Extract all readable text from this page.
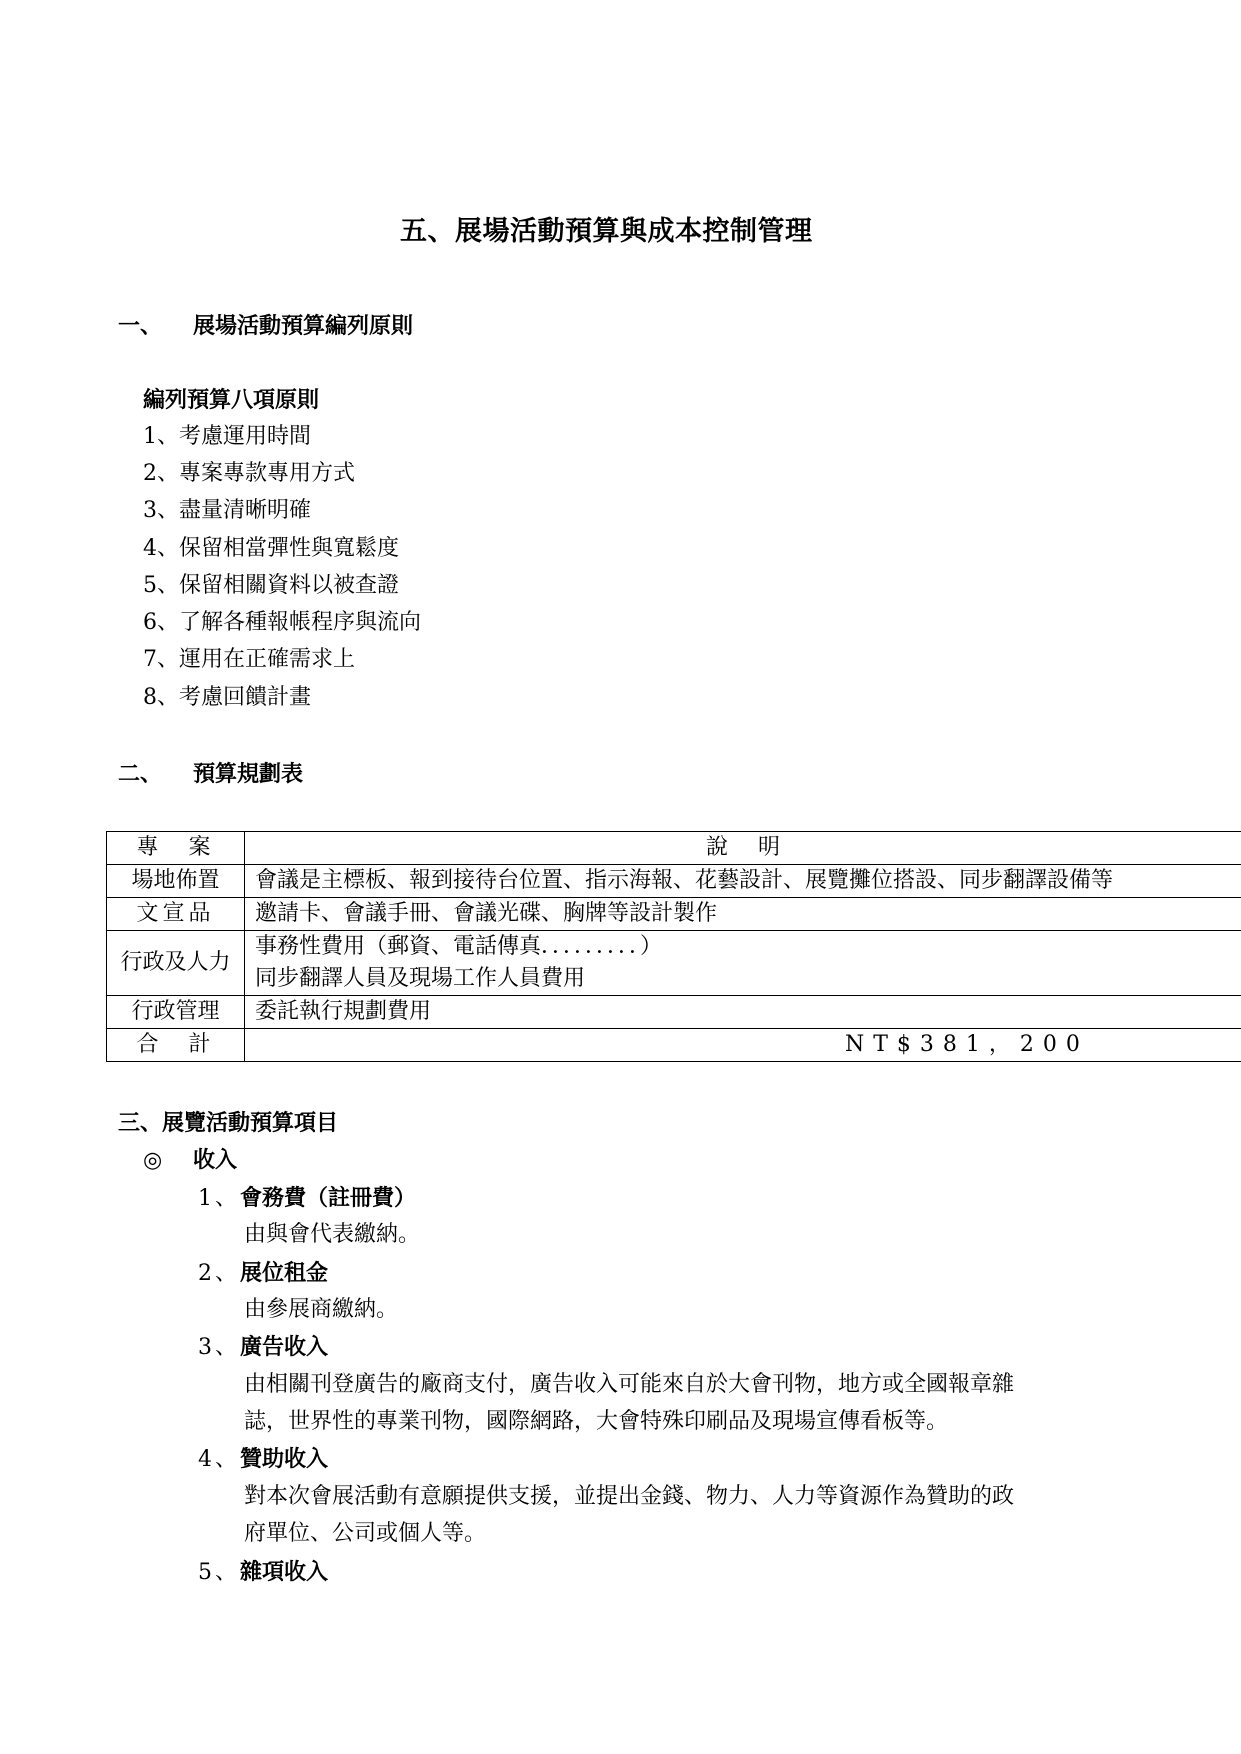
五、展場活動預算與成本控制管理
一、 展場活動預算編列原則
編列預算八項原則
1、考慮運用時間
2、專案專款專用方式
3、盡量清晰明確
4、保留相當彈性與寬鬆度
5、保留相關資料以被查證
6、了解各種報帳程序與流向
7、運用在正確需求上
8、考慮回饋計畫
二、 預算規劃表
專　案	說　明
場地佈置	會議是主標板、報到接待台位置、指示海報、花藝設計、展覽攤位搭設、同步翻譯設備等
文宣品	邀請卡、會議手冊、會議光碟、胸牌等設計製作
行政及人力	事務性費用（郵資、電話傳真．．．．．．．．．）
同步翻譯人員及現場工作人員費用

行政管理	委託執行規劃費用
合　計	NT$381，200
三、展覽活動預算項目
◎ 收入
1、會務費（註冊費）
由與會代表繳納。
2、展位租金
由參展商繳納。
3、廣告收入
由相關刊登廣告的廠商支付，廣告收入可能來自於大會刊物，地方或全國報章雜
誌，世界性的專業刊物，國際網路，大會特殊印刷品及現場宣傳看板等。
4、贊助收入
對本次會展活動有意願提供支援，並提出金錢、物力、人力等資源作為贊助的政
府單位、公司或個人等。
5、雜項收入
